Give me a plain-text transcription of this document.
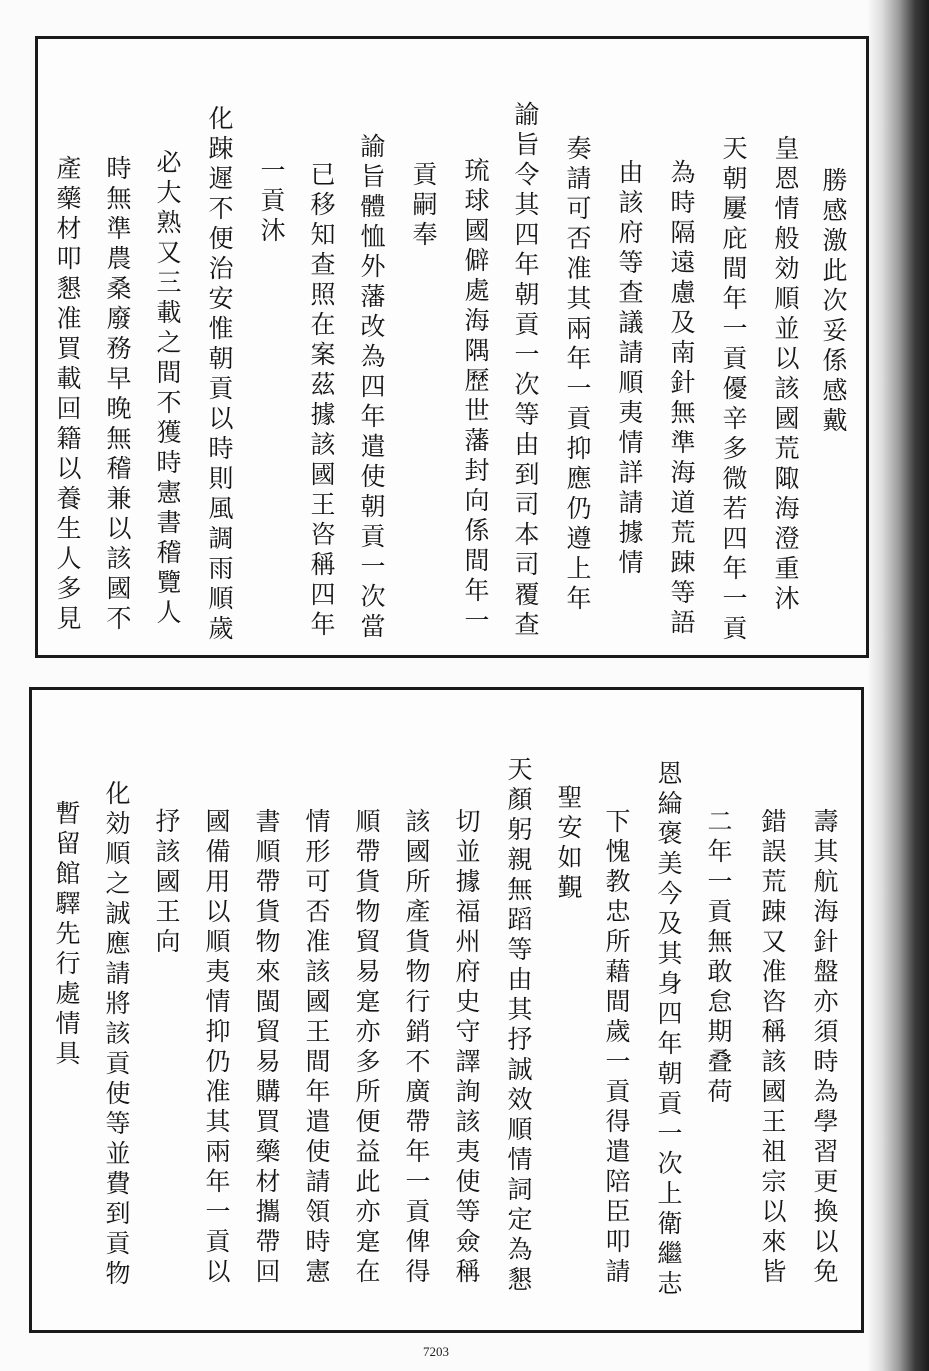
勝感激此次妥係感戴
皇恩情般効順並以該國荒陬海澄重沐
天朝屢庇間年一貢優辛多微若四年一貢
為時隔遠慮及南針無準海道荒踈等語
由該府等查議請順夷情詳請據情
奏請可否准其兩年一貢抑應仍遵上年
諭旨令其四年朝貢一次等由到司本司覆查
琉球國僻處海隅歷世藩封向係間年一
貢嗣奉
諭旨體恤外藩改為四年遣使朝貢一次當
已移知查照在案茲據該國王咨稱四年
一貢沐
化踈遲不便治安惟朝貢以時則風調雨順歲
必大熟又三載之間不獲時憲書稽覽人
時無準農桑廢務早晚無稽兼以該國不
產藥材叩懇准買載回籍以養生人多見
壽其航海針盤亦須時為學習更換以免
錯誤荒踈又准咨稱該國王祖宗以來皆
二年一貢無敢怠期叠荷
恩綸褒美今及其身四年朝貢一次上衛繼志
下愧教忠所藉間歲一貢得遣陪臣叩請
聖安如覲
天顏躬親無蹈等由其抒誠效順情詞定為懇
切並據福州府史守譯詢該夷使等僉稱
該國所產貨物行銷不廣帶年一貢俾得
順帶貨物貿易寔亦多所便益此亦寔在
情形可否准該國王間年遣使請領時憲
書順帶貨物來閩貿易購買藥材攜帶回
國備用以順夷情抑仍准其兩年一貢以
抒該國王向
化効順之誠應請將該貢使等並費到貢物
暫留館驛先行處情具
7203
